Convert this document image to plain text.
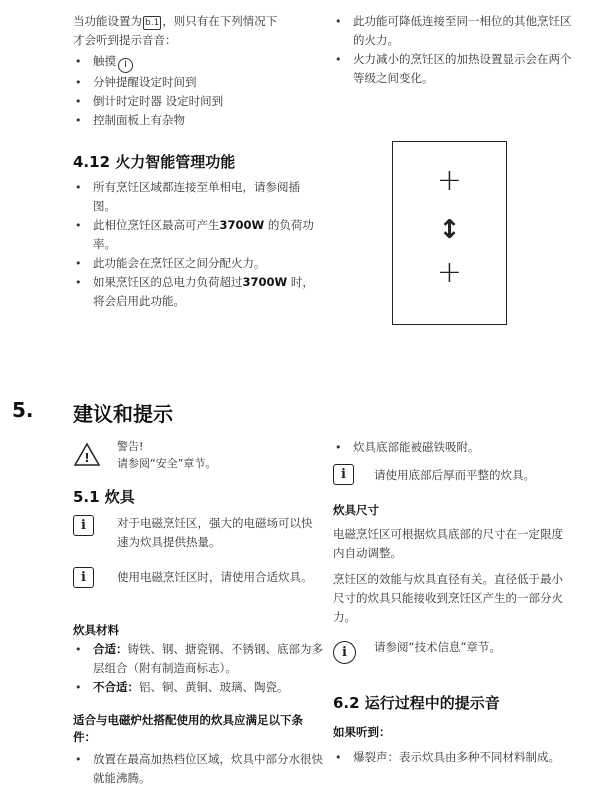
当功能设置为 b.1 ，则只有在下列情况下
才会听到提示音音：
• 触摸 I
• 分钟提醒设定时间到
• 倒计时定时器 设定时间到
• 控制面板上有杂物
• 此功能可降低连接至同一相位的其他烹饪区的火力。
• 火力减小的烹饪区的加热设置显示会在两个等级之间变化。
4.12 火力智能管理功能
• 所有烹饪区域都连接至单相电，请参阅插图。
• 此相位烹饪区最高可产生3700W 的负荷功率。
• 此功能会在烹饪区之间分配火力。
• 如果烹饪区的总电力负荷超过3700W 时，将会启用此功能。
+
↕
+
5. 建议和提示
!
警告!
请参阅“安全”章节。
5.1 炊具
i	对于电磁烹饪区，强大的电磁场可以快速为炊具提供热量。
i	使用电磁烹饪区时，请使用合适炊具。
炊具材料
• 合适：铸铁、钢、搪瓷钢、不锈钢、底部为多层组合（附有制造商标志）。
• 不合适：铝、铜、黄铜、玻璃、陶瓷。
适合与电磁炉灶搭配使用的炊具应满足以下条件：
• 放置在最高加热档位区域，炊具中部分水很快就能沸腾。
• 炊具底部能被磁铁吸附。
i	请使用底部后厚而平整的炊具。
炊具尺寸
电磁烹饪区可根据炊具底部的尺寸在一定限度内自动调整。
烹饪区的效能与炊具直径有关。直径低于最小尺寸的炊具只能接收到烹饪区产生的一部分火力。
i	请参阅“技术信息”章节。
6.2 运行过程中的提示音
如果听到：
• 爆裂声：表示炊具由多种不同材料制成。
